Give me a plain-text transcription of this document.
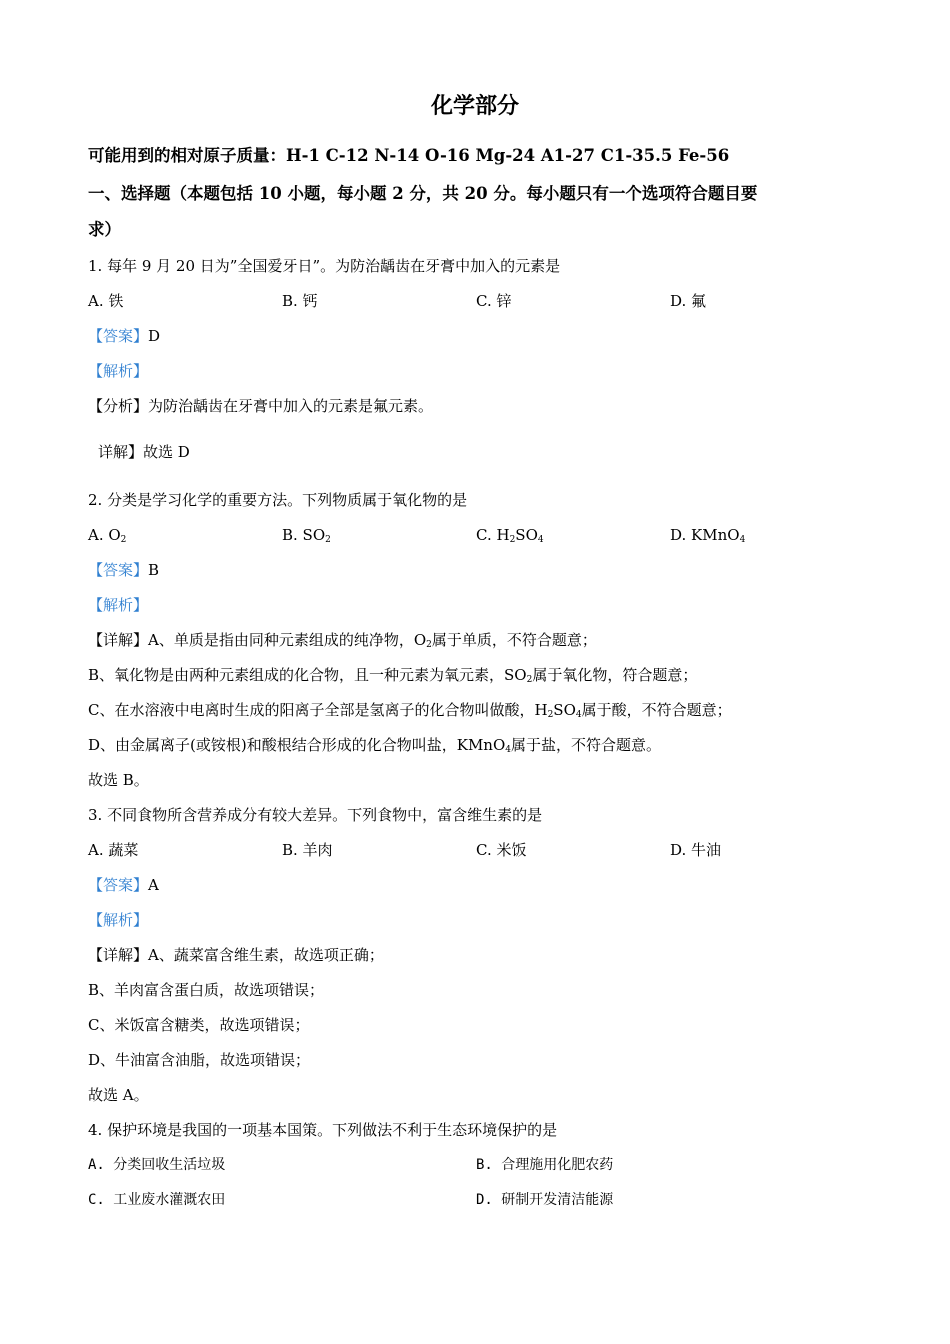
化学部分
可能用到的相对原子质量：H-1 C-12 N-14 O-16 Mg-24 A1-27 C1-35.5 Fe-56
一、选择题（本题包括 10 小题，每小题 2 分，共 20 分。每小题只有一个选项符合题目要
求）
1. 每年 9 月 20 日为”全国爱牙日”。为防治龋齿在牙膏中加入的元素是
A. 铁	B. 钙	C. 锌	D. 氟
【答案】D
【解析】
【分析】为防治龋齿在牙膏中加入的元素是氟元素。
详解】故选 D
2. 分类是学习化学的重要方法。下列物质属于氧化物的是
A. $O_2$	B. $SO_2$	C. $H_2SO_4$	D. KMnO$_4$
【答案】B
【解析】
【详解】A、单质是指由同种元素组成的纯净物，$O_2$属于单质，不符合题意；
B、氧化物是由两种元素组成的化合物，且一种元素为氧元素，$SO_2$属于氧化物，符合题意；
C、在水溶液中电离时生成的阳离子全部是氢离子的化合物叫做酸，$H_2SO_4$属于酸，不符合题意；
D、由金属离子(或铵根)和酸根结合形成的化合物叫盐，KMnO$_4$属于盐，不符合题意。
故选 B。
3. 不同食物所含营养成分有较大差异。下列食物中，富含维生素的是
A. 蔬菜	B. 羊肉	C. 米饭	D. 牛油
【答案】A
【解析】
【详解】A、蔬菜富含维生素，故选项正确；
B、羊肉富含蛋白质，故选项错误；
C、米饭富含糖类，故选项错误；
D、牛油富含油脂，故选项错误；
故选 A。
4. 保护环境是我国的一项基本国策。下列做法不利于生态环境保护的是
A. 分类回收生活垃圾	B. 合理施用化肥农药
C. 工业废水灌溉农田	D. 研制开发清洁能源
